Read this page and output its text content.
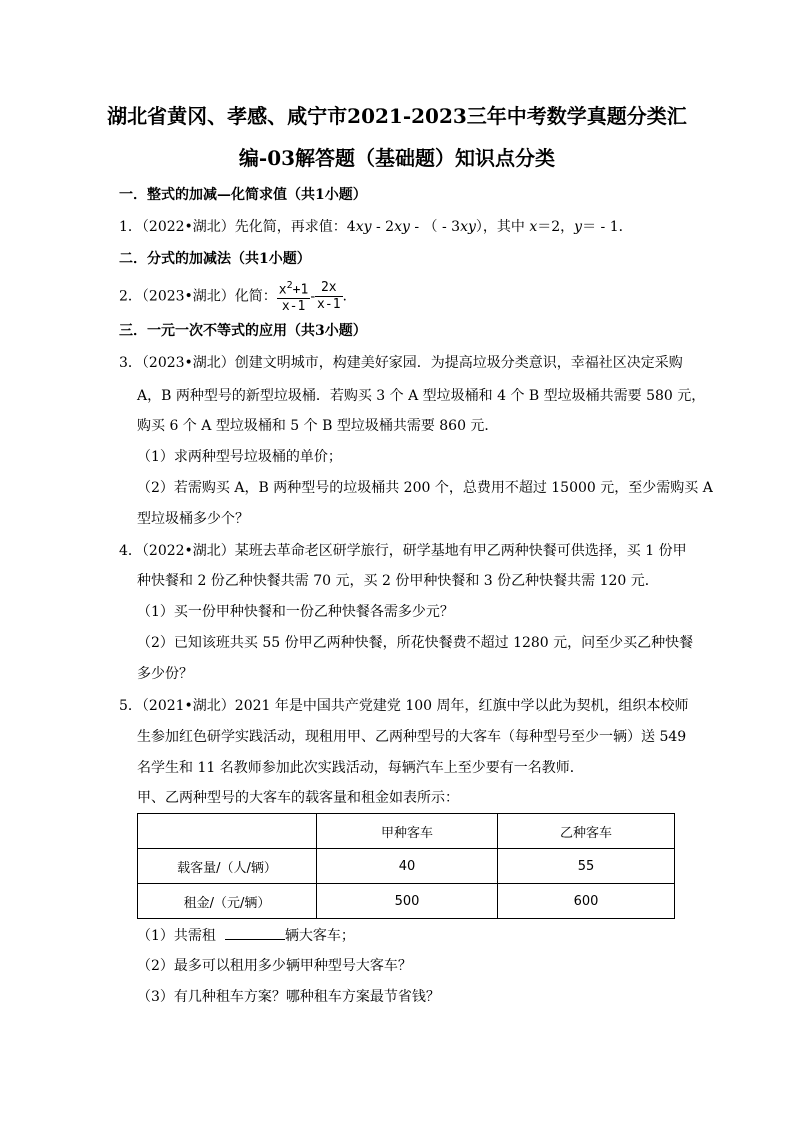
湖北省黄冈、孝感、咸宁市2021-2023三年中考数学真题分类汇
编-03解答题（基础题）知识点分类
一．整式的加减—化简求值（共1小题）
1．（2022•湖北）先化简，再求值：4xy - 2xy - （ - 3xy），其中 x＝2，y＝ - 1．
二．分式的加减法（共1小题）
2．（2023•湖北）化简： $\frac{x^2+1}{x-1} - \frac{2x}{x-1}$ .
三．一元一次不等式的应用（共3小题）
3．（2023•湖北）创建文明城市，构建美好家园．为提高垃圾分类意识，幸福社区决定采购
A，B 两种型号的新型垃圾桶．若购买 3 个 A 型垃圾桶和 4 个 B 型垃圾桶共需要 580 元，
购买 6 个 A 型垃圾桶和 5 个 B 型垃圾桶共需要 860 元．
（1）求两种型号垃圾桶的单价；
（2）若需购买 A，B 两种型号的垃圾桶共 200 个，总费用不超过 15000 元，至少需购买 A
型垃圾桶多少个？
4．（2022•湖北）某班去革命老区研学旅行，研学基地有甲乙两种快餐可供选择，买 1 份甲
种快餐和 2 份乙种快餐共需 70 元，买 2 份甲种快餐和 3 份乙种快餐共需 120 元．
（1）买一份甲种快餐和一份乙种快餐各需多少元？
（2）已知该班共买 55 份甲乙两种快餐，所花快餐费不超过 1280 元，问至少买乙种快餐
多少份？
5．（2021•湖北）2021 年是中国共产党建党 100 周年，红旗中学以此为契机，组织本校师
生参加红色研学实践活动，现租用甲、乙两种型号的大客车（每种型号至少一辆）送 549
名学生和 11 名教师参加此次实践活动，每辆汽车上至少要有一名教师．
甲、乙两种型号的大客车的载客量和租金如表所示：
	甲种客车	乙种客车
载客量/（人/辆）	40	55
租金/（元/辆）	500	600
（1）共需租	辆大客车；
（2）最多可以租用多少辆甲种型号大客车？
（3）有几种租车方案？哪种租车方案最节省钱？
